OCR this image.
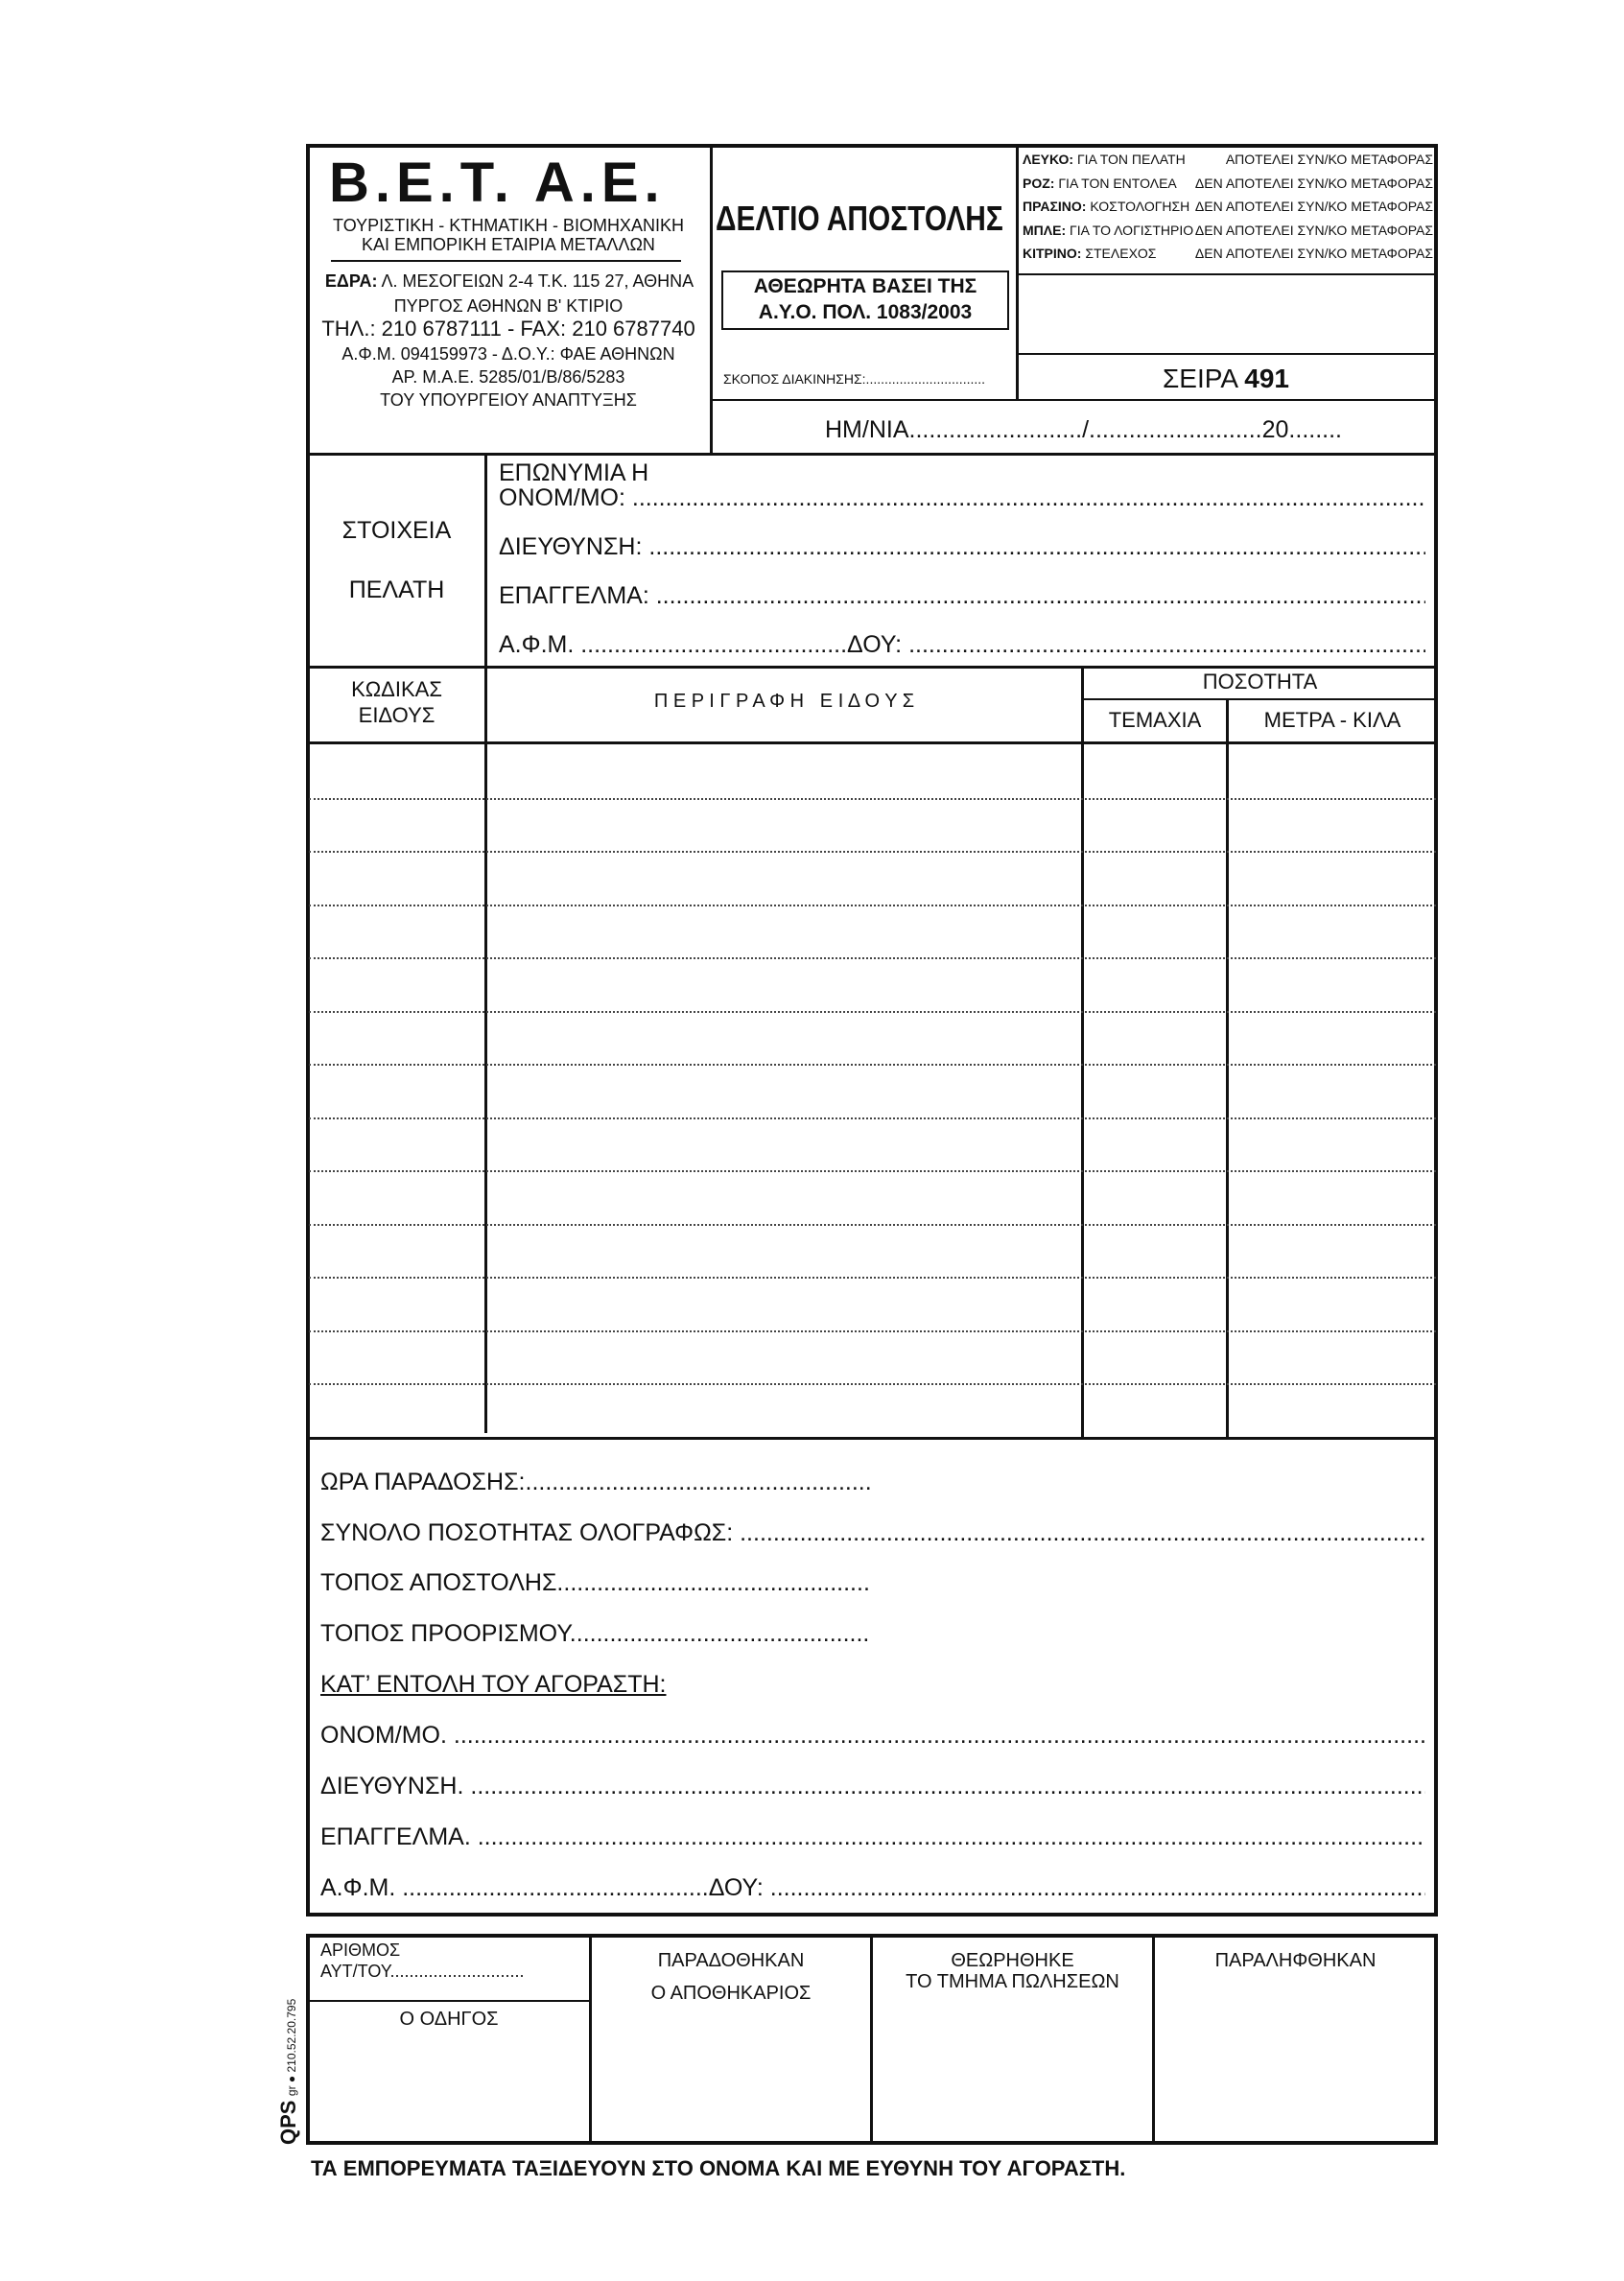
B.E.T. A.E.
ΤΟΥΡΙΣΤΙΚΗ - ΚΤΗΜΑΤΙΚΗ - ΒΙΟΜΗΧΑΝΙΚΗ
ΚΑΙ ΕΜΠΟΡΙΚΗ ΕΤΑΙΡΙΑ ΜΕΤΑΛΛΩΝ
ΕΔΡΑ: Λ. ΜΕΣΟΓΕΙΩΝ 2-4 Τ.Κ. 115 27, ΑΘΗΝΑ
ΠΥΡΓΟΣ ΑΘΗΝΩΝ Β' ΚΤΙΡΙΟ
ΤΗΛ.: 210 6787111 - FAX: 210 6787740
Α.Φ.Μ. 094159973 - Δ.Ο.Υ.: ΦΑΕ ΑΘΗΝΩΝ
ΑΡ. Μ.Α.Ε. 5285/01/Β/86/5283
ΤΟΥ ΥΠΟΥΡΓΕΙΟΥ ΑΝΑΠΤΥΞΗΣ
ΔΕΛΤΙΟ ΑΠΟΣΤΟΛΗΣ
ΑΘΕΩΡΗΤΑ ΒΑΣΕΙ ΤΗΣ
Α.Υ.Ο. ΠΟΛ. 1083/2003
ΣΚΟΠΟΣ ΔΙΑΚΙΝΗΣΗΣ:................................
ΛΕΥΚΟ: ΓΙΑ ΤΟΝ ΠΕΛΑΤΗ	ΑΠΟΤΕΛΕΙ ΣΥΝ/ΚΟ ΜΕΤΑΦΟΡΑΣ
ΡΟΖ: ΓΙΑ ΤΟΝ ΕΝΤΟΛΕΑ ΔΕΝ ΑΠΟΤΕΛΕΙ ΣΥΝ/ΚΟ ΜΕΤΑΦΟΡΑΣ
ΠΡΑΣΙΝΟ: ΚΟΣΤΟΛΟΓΗΣΗ ΔΕΝ ΑΠΟΤΕΛΕΙ ΣΥΝ/ΚΟ ΜΕΤΑΦΟΡΑΣ
ΜΠΛΕ: ΓΙΑ ΤΟ ΛΟΓΙΣΤΗΡΙΟ ΔΕΝ ΑΠΟΤΕΛΕΙ ΣΥΝ/ΚΟ ΜΕΤΑΦΟΡΑΣ
ΚΙΤΡΙΝΟ: ΣΤΕΛΕΧΟΣ	ΔΕΝ ΑΠΟΤΕΛΕΙ ΣΥΝ/ΚΟ ΜΕΤΑΦΟΡΑΣ
ΣΕΙΡΑ 491
ΗΜ/ΝΙΑ........................../..........................20........
ΣΤΟΙΧΕΙΑ
ΠΕΛΑΤΗ
ΕΠΩΝΥΜΙΑ Η
ΟΝΟΜ/ΜΟ: .....
ΔΙΕΥΘΥΝΣΗ: .....
ΕΠΑΓΓΕΛΜΑ: .....
Α.Φ.Μ. ........................................ΔΟΥ: .....
ΚΩΔΙΚΑΣ
ΕΙΔΟΥΣ
Π Ε Ρ Ι Γ Ρ Α Φ Η   Ε Ι Δ Ο Υ Σ
ΠΟΣΟΤΗΤΑ
ΤΕΜΑΧΙΑ	ΜΕΤΡΑ - ΚΙΛΑ
ΩΡΑ ΠΑΡΑΔΟΣΗΣ:....................................................
ΣΥΝΟΛΟ ΠΟΣΟΤΗΤΑΣ ΟΛΟΓΡΑΦΩΣ: .....
ΤΟΠΟΣ ΑΠΟΣΤΟΛΗΣ...............................................
ΤΟΠΟΣ ΠΡΟΟΡΙΣΜΟΥ.............................................
ΚΑΤ’ ΕΝΤΟΛΗ ΤΟΥ ΑΓΟΡΑΣΤΗ:
ΟΝΟΜ/ΜΟ. .....
ΔΙΕΥΘΥΝΣΗ. .....
ΕΠΑΓΓΕΛΜΑ. .....
Α.Φ.Μ. ..............................................ΔΟΥ: .....
ΑΡΙΘΜΟΣ
ΑΥΤ/ΤΟΥ............................
Ο ΟΔΗΓΟΣ
ΠΑΡΑΔΟΘΗΚΑΝ
Ο ΑΠΟΘΗΚΑΡΙΟΣ
ΘΕΩΡΗΘΗΚΕ
ΤΟ ΤΜΗΜΑ ΠΩΛΗΣΕΩΝ
ΠΑΡΑΛΗΦΘΗΚΑΝ
QPS gr ● 210.52.20.795
ΤΑ ΕΜΠΟΡΕΥΜΑΤΑ ΤΑΞΙΔΕΥΟΥΝ ΣΤΟ ΟΝΟΜΑ ΚΑΙ ΜΕ ΕΥΘΥΝΗ ΤΟΥ ΑΓΟΡΑΣΤΗ.
